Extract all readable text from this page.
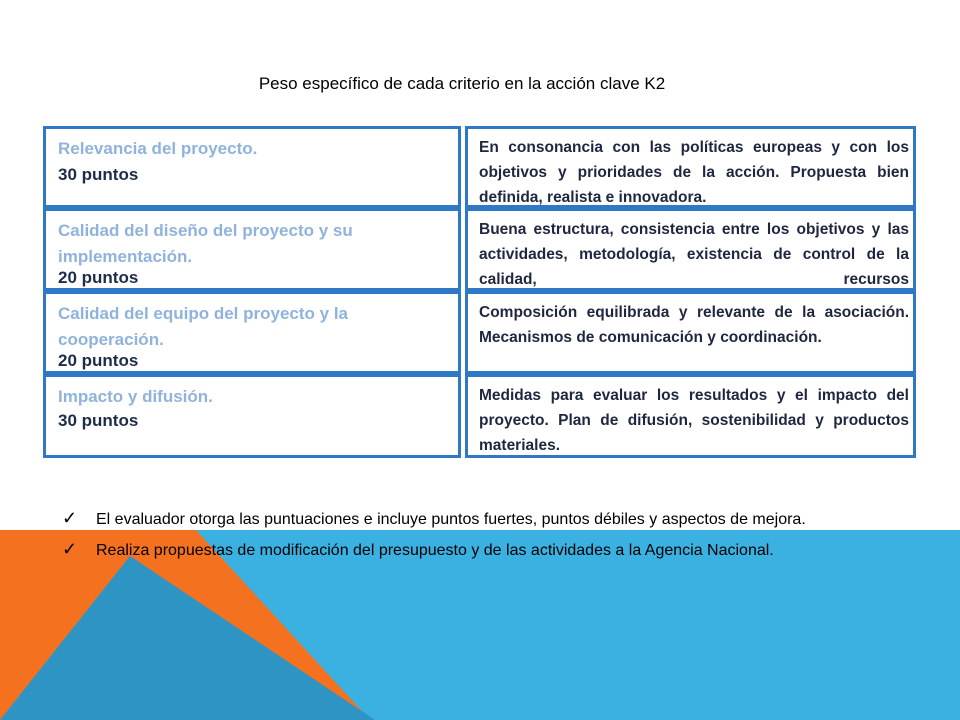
Peso específico de cada criterio en la acción clave K2
Relevancia del proyecto.
30 puntos
En consonancia con las políticas europeas y con los objetivos y prioridades de la acción. Propuesta bien definida, realista e innovadora.
Calidad del diseño del proyecto y su implementación.
20 puntos
Buena estructura, consistencia entre los objetivos y las actividades, metodología, existencia de control de la calidad, recursos
Calidad del equipo del proyecto y la cooperación.
20 puntos
Composición equilibrada y relevante de la asociación. Mecanismos de comunicación y coordinación.
Impacto y difusión.
30 puntos
Medidas para evaluar los resultados y el impacto del proyecto. Plan de difusión, sostenibilidad y productos materiales.
✓ El evaluador otorga las puntuaciones e incluye puntos fuertes, puntos débiles y aspectos de mejora.
✓ Realiza propuestas de modificación del presupuesto y de las actividades a la Agencia Nacional.
